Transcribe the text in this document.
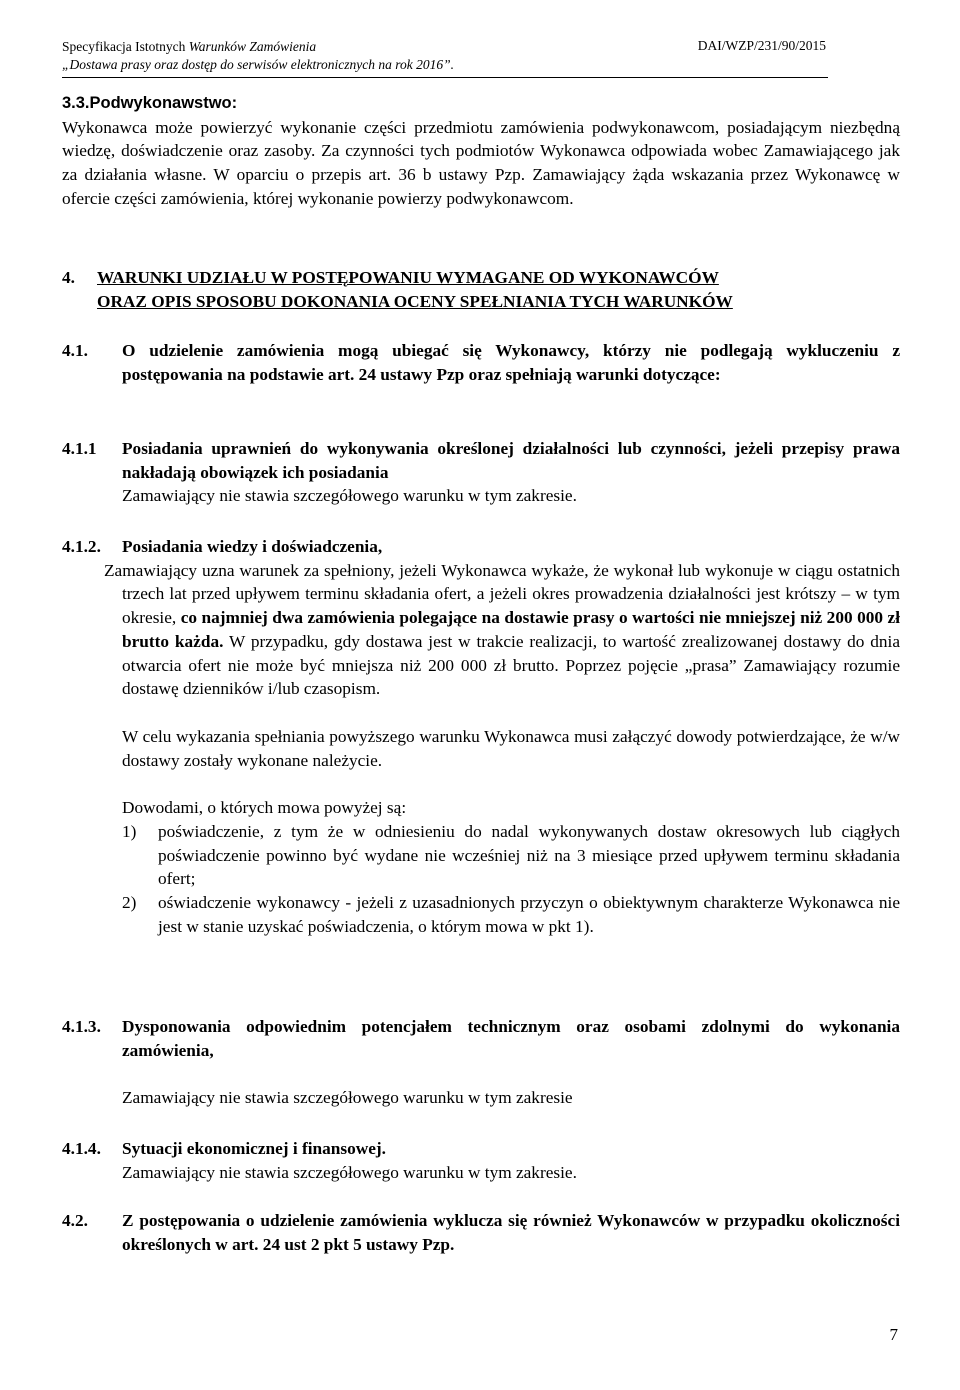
Specyfikacja Istotnych Warunków Zamówienia
„Dostawa prasy oraz dostęp do serwisów elektronicznych na rok 2016”.
DAI/WZP/231/90/2015
3.3.Podwykonawstwo:
Wykonawca może powierzyć wykonanie części przedmiotu zamówienia podwykonawcom, posiadającym niezbędną wiedzę, doświadczenie oraz zasoby. Za czynności tych podmiotów Wykonawca odpowiada wobec Zamawiającego jak za działania własne. W oparciu o przepis art. 36 b ustawy Pzp. Zamawiający żąda wskazania przez Wykonawcę w ofercie części zamówienia, której wykonanie powierzy podwykonawcom.
4. WARUNKI UDZIAŁU W POSTĘPOWANIU WYMAGANE OD WYKONAWCÓW
ORAZ OPIS SPOSOBU DOKONANIA OCENY SPEŁNIANIA TYCH WARUNKÓW
4.1. O udzielenie zamówienia mogą ubiegać się Wykonawcy, którzy nie podlegają wykluczeniu z postępowania na podstawie art. 24 ustawy Pzp oraz spełniają warunki dotyczące:
4.1.1 Posiadania uprawnień do wykonywania określonej działalności lub czynności, jeżeli przepisy prawa nakładają obowiązek ich posiadania
Zamawiający nie stawia szczegółowego warunku w tym zakresie.
4.1.2. Posiadania wiedzy i doświadczenia,
Zamawiający uzna warunek za spełniony, jeżeli Wykonawca wykaże, że wykonał lub wykonuje w ciągu ostatnich trzech lat przed upływem terminu składania ofert, a jeżeli okres prowadzenia działalności jest krótszy – w tym okresie, co najmniej dwa zamówienia polegające na dostawie prasy o wartości nie mniejszej niż 200 000 zł brutto każda. W przypadku, gdy dostawa jest w trakcie realizacji, to wartość zrealizowanej dostawy do dnia otwarcia ofert nie może być mniejsza niż 200 000 zł brutto. Poprzez pojęcie „prasa” Zamawiający rozumie dostawę dzienników i/lub czasopism.
W celu wykazania spełniania powyższego warunku Wykonawca musi załączyć dowody potwierdzające, że w/w dostawy zostały wykonane należycie.
Dowodami, o których mowa powyżej są:
1) poświadczenie, z tym że w odniesieniu do nadal wykonywanych dostaw okresowych lub ciągłych poświadczenie powinno być wydane nie wcześniej niż na 3 miesiące przed upływem terminu składania ofert;
2) oświadczenie wykonawcy - jeżeli z uzasadnionych przyczyn o obiektywnym charakterze Wykonawca nie jest w stanie uzyskać poświadczenia, o którym mowa w pkt 1).
4.1.3. Dysponowania odpowiednim potencjałem technicznym oraz osobami zdolnymi do wykonania zamówienia,
Zamawiający nie stawia szczegółowego warunku w tym zakresie
4.1.4. Sytuacji ekonomicznej i finansowej.
Zamawiający nie stawia szczegółowego warunku w tym zakresie.
4.2. Z postępowania o udzielenie zamówienia wyklucza się również Wykonawców w przypadku okoliczności określonych w art. 24 ust 2 pkt 5 ustawy Pzp.
7
